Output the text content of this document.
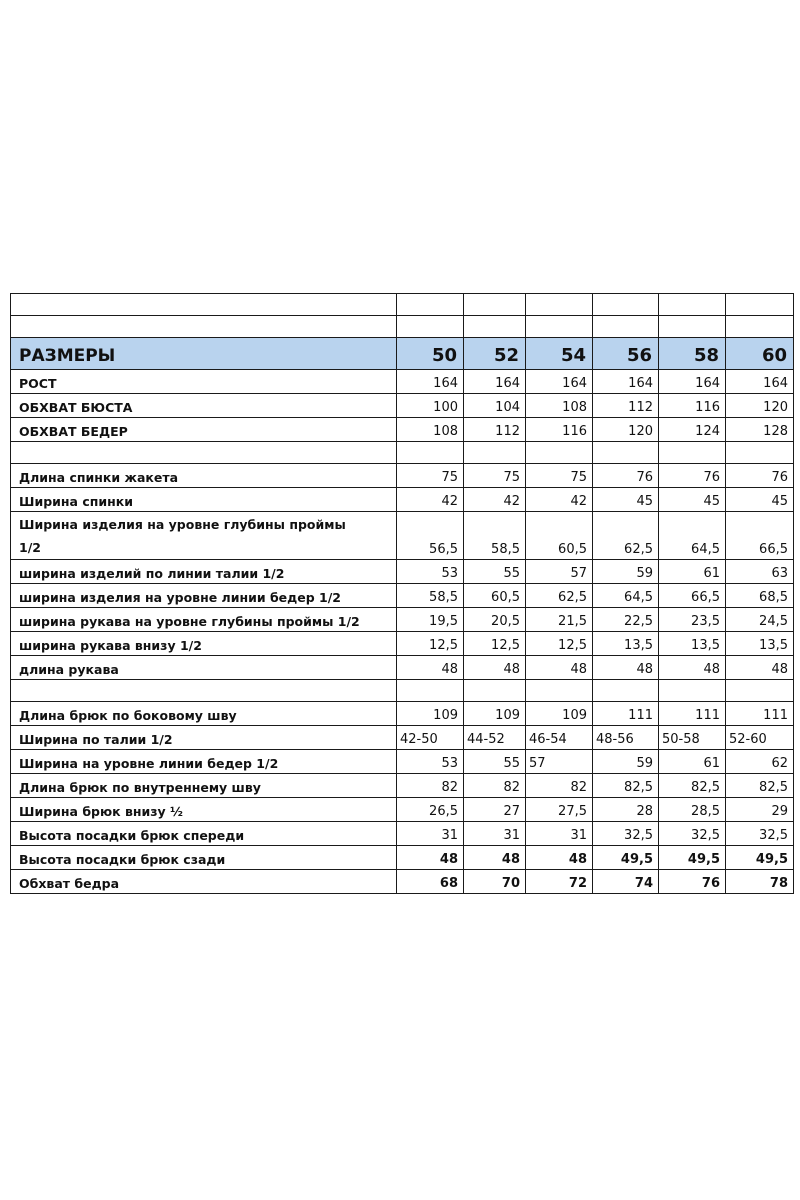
РАЗМЕРЫ	50	52	54	56	58	60
РОСТ	164	164	164	164	164	164
ОБХВАТ БЮСТА	100	104	108	112	116	120
ОБХВАТ БЕДЕР	108	112	116	120	124	128

Длина спинки жакета	75	75	75	76	76	76
Ширина спинки	42	42	42	45	45	45

Ширина изделия на уровне глубины проймы
1/2	56,5	58,5	60,5	62,5	64,5	66,5
ширина изделий по линии талии 1/2	53	55	57	59	61	63
ширина изделия на уровне линии бедер 1/2	58,5	60,5	62,5	64,5	66,5	68,5
ширина рукава на уровне глубины проймы 1/2	19,5	20,5	21,5	22,5	23,5	24,5
ширина рукава внизу 1/2	12,5	12,5	12,5	13,5	13,5	13,5
длина рукава	48	48	48	48	48	48

Длина брюк по боковому шву	109	109	109	111	111	111
Ширина по талии 1/2	42-50	44-52	46-54	48-56	50-58	52-60
Ширина на уровне линии бедер 1/2	53	55	57	59	61	62
Длина брюк по внутреннему шву	82	82	82	82,5	82,5	82,5
Ширина брюк внизу ½	26,5	27	27,5	28	28,5	29
Высота посадки брюк спереди	31	31	31	32,5	32,5	32,5
Высота посадки брюк сзади	48	48	48	49,5	49,5	49,5
Обхват бедра	68	70	72	74	76	78
